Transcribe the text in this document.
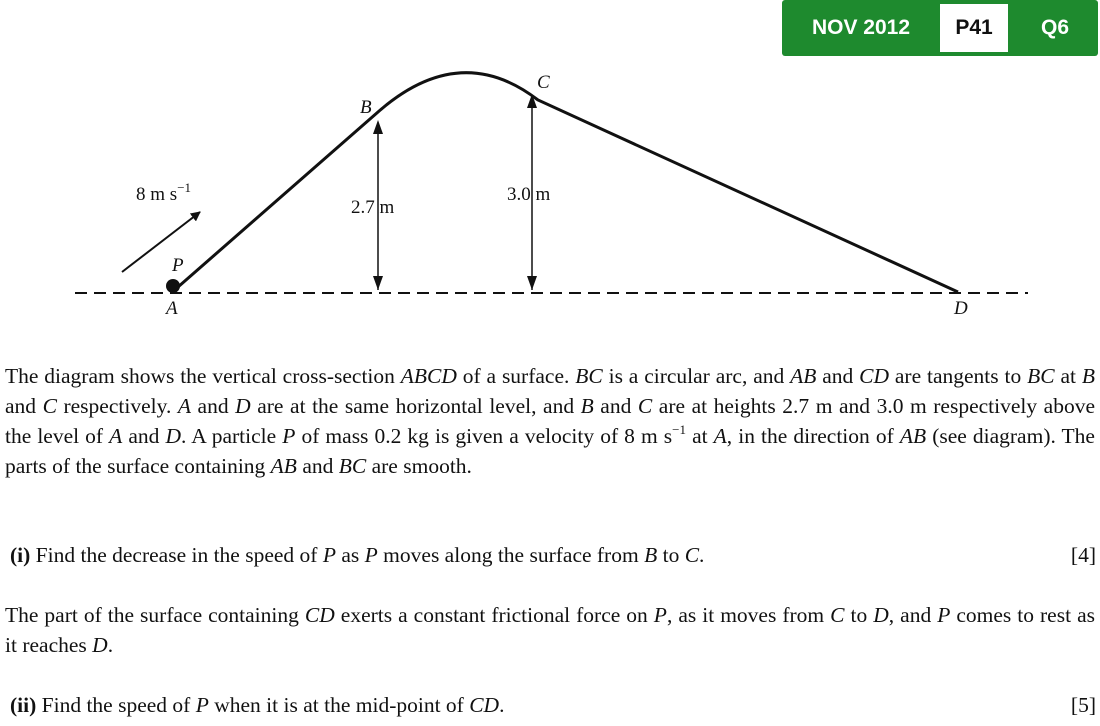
NOV 2012	P41	Q6
8 m $s^{-1}$
P
A
B
C
D
2.7 m
3.0 m

The diagram shows the vertical cross-section ABCD of a surface. BC is a circular arc, and AB and CD are tangents to BC at B and C respectively. A and D are at the same horizontal level, and B and C are at heights 2.7 m and 3.0 m respectively above the level of A and D. A particle P of mass 0.2 kg is given a velocity of 8 m $s^{-1}$ at A, in the direction of AB (see diagram). The parts of the surface containing AB and BC are smooth.

(i) Find the decrease in the speed of P as P moves along the surface from B to C.	[4]

The part of the surface containing CD exerts a constant frictional force on P, as it moves from C to D, and P comes to rest as it reaches D.

(ii) Find the speed of P when it is at the mid-point of CD.	[5]
